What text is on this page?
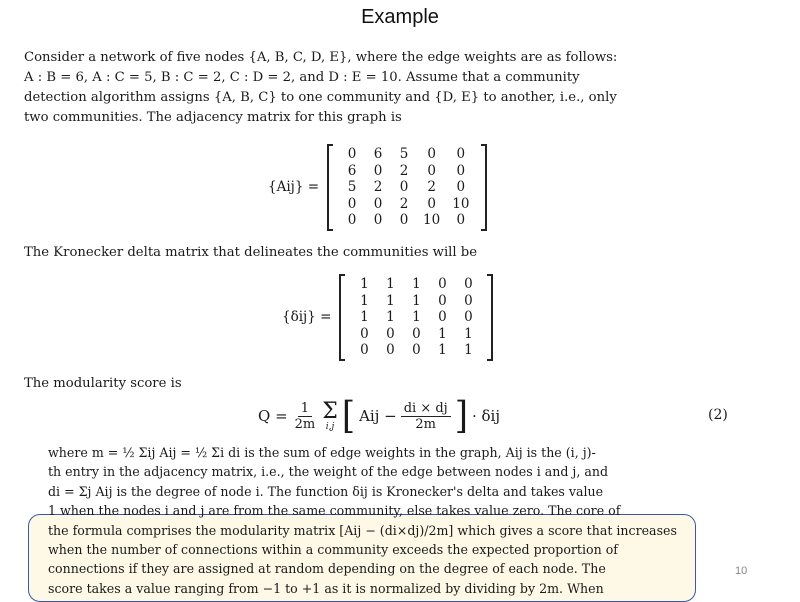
Example

Consider a network of five nodes {A, B, C, D, E}, where the edge weights are as follows:
A : B = 6, A : C = 5, B : C = 2, C : D = 2, and D : E = 10. Assume that a community
detection algorithm assigns {A, B, C} to one community and {D, E} to another, i.e., only
two communities. The adjacency matrix for this graph is

{Aij} =
0	6	5	0	0
6	0	2	0	0
5	2	0	2	0
0	0	2	0	10
0	0	0	10	0

The Kronecker delta matrix that delineates the communities will be

{δij} =
1	1	1	0	0
1	1	1	0	0
1	1	1	0	0
0	0	0	1	1
0	0	0	1	1

The modularity score is

$Q = \frac{1}{2m}$ Σ
i,j [ Aij − $\frac{di \times dj}{2m}$ ] · δij	(2)

where m = ½ Σij Aij = ½ Σi di is the sum of edge weights in the graph, Aij is the (i, j)-
th entry in the adjacency matrix, i.e., the weight of the edge between nodes i and j, and
di = Σj Aij is the degree of node i. The function δij is Kronecker's delta and takes value
1 when the nodes i and j are from the same community, else takes value zero. The core of
the formula comprises the modularity matrix [Aij − (di×dj)/2m] which gives a score that increases
when the number of connections within a community exceeds the expected proportion of
connections if they are assigned at random depending on the degree of each node. The
score takes a value ranging from −1 to +1 as it is normalized by dividing by 2m. When

10
